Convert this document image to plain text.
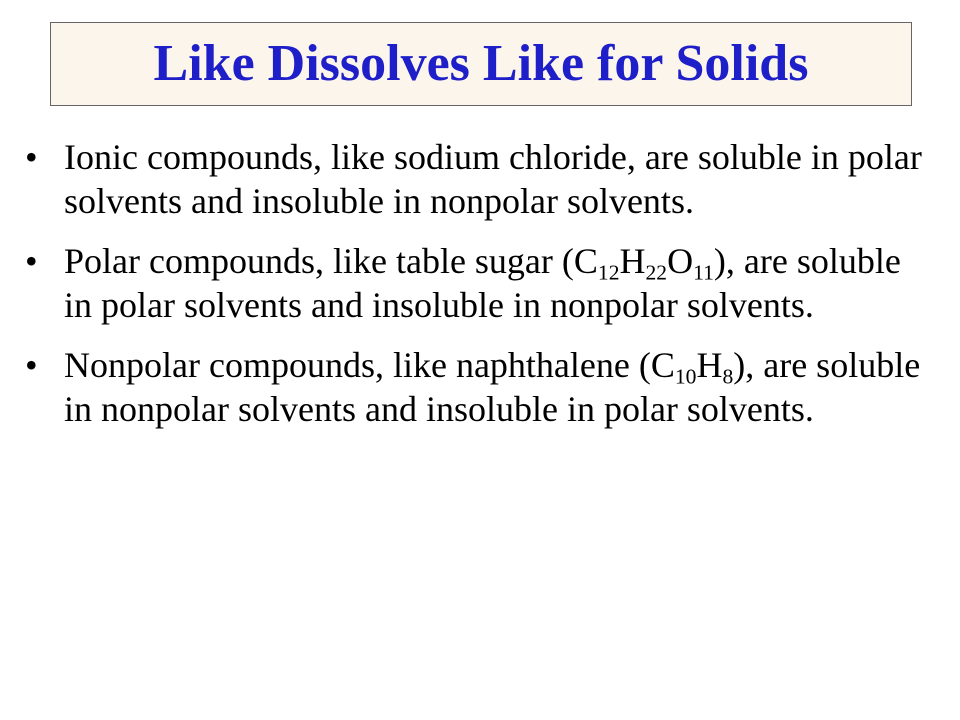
Like Dissolves Like for Solids
• Ionic compounds, like sodium chloride, are soluble in polar solvents and insoluble in nonpolar solvents.
• Polar compounds, like table sugar $(C_{12}H_{22}O_{11})$, are soluble in polar solvents and insoluble in nonpolar solvents.
• Nonpolar compounds, like naphthalene $(C_{10}H_8)$, are soluble in nonpolar solvents and insoluble in polar solvents.
